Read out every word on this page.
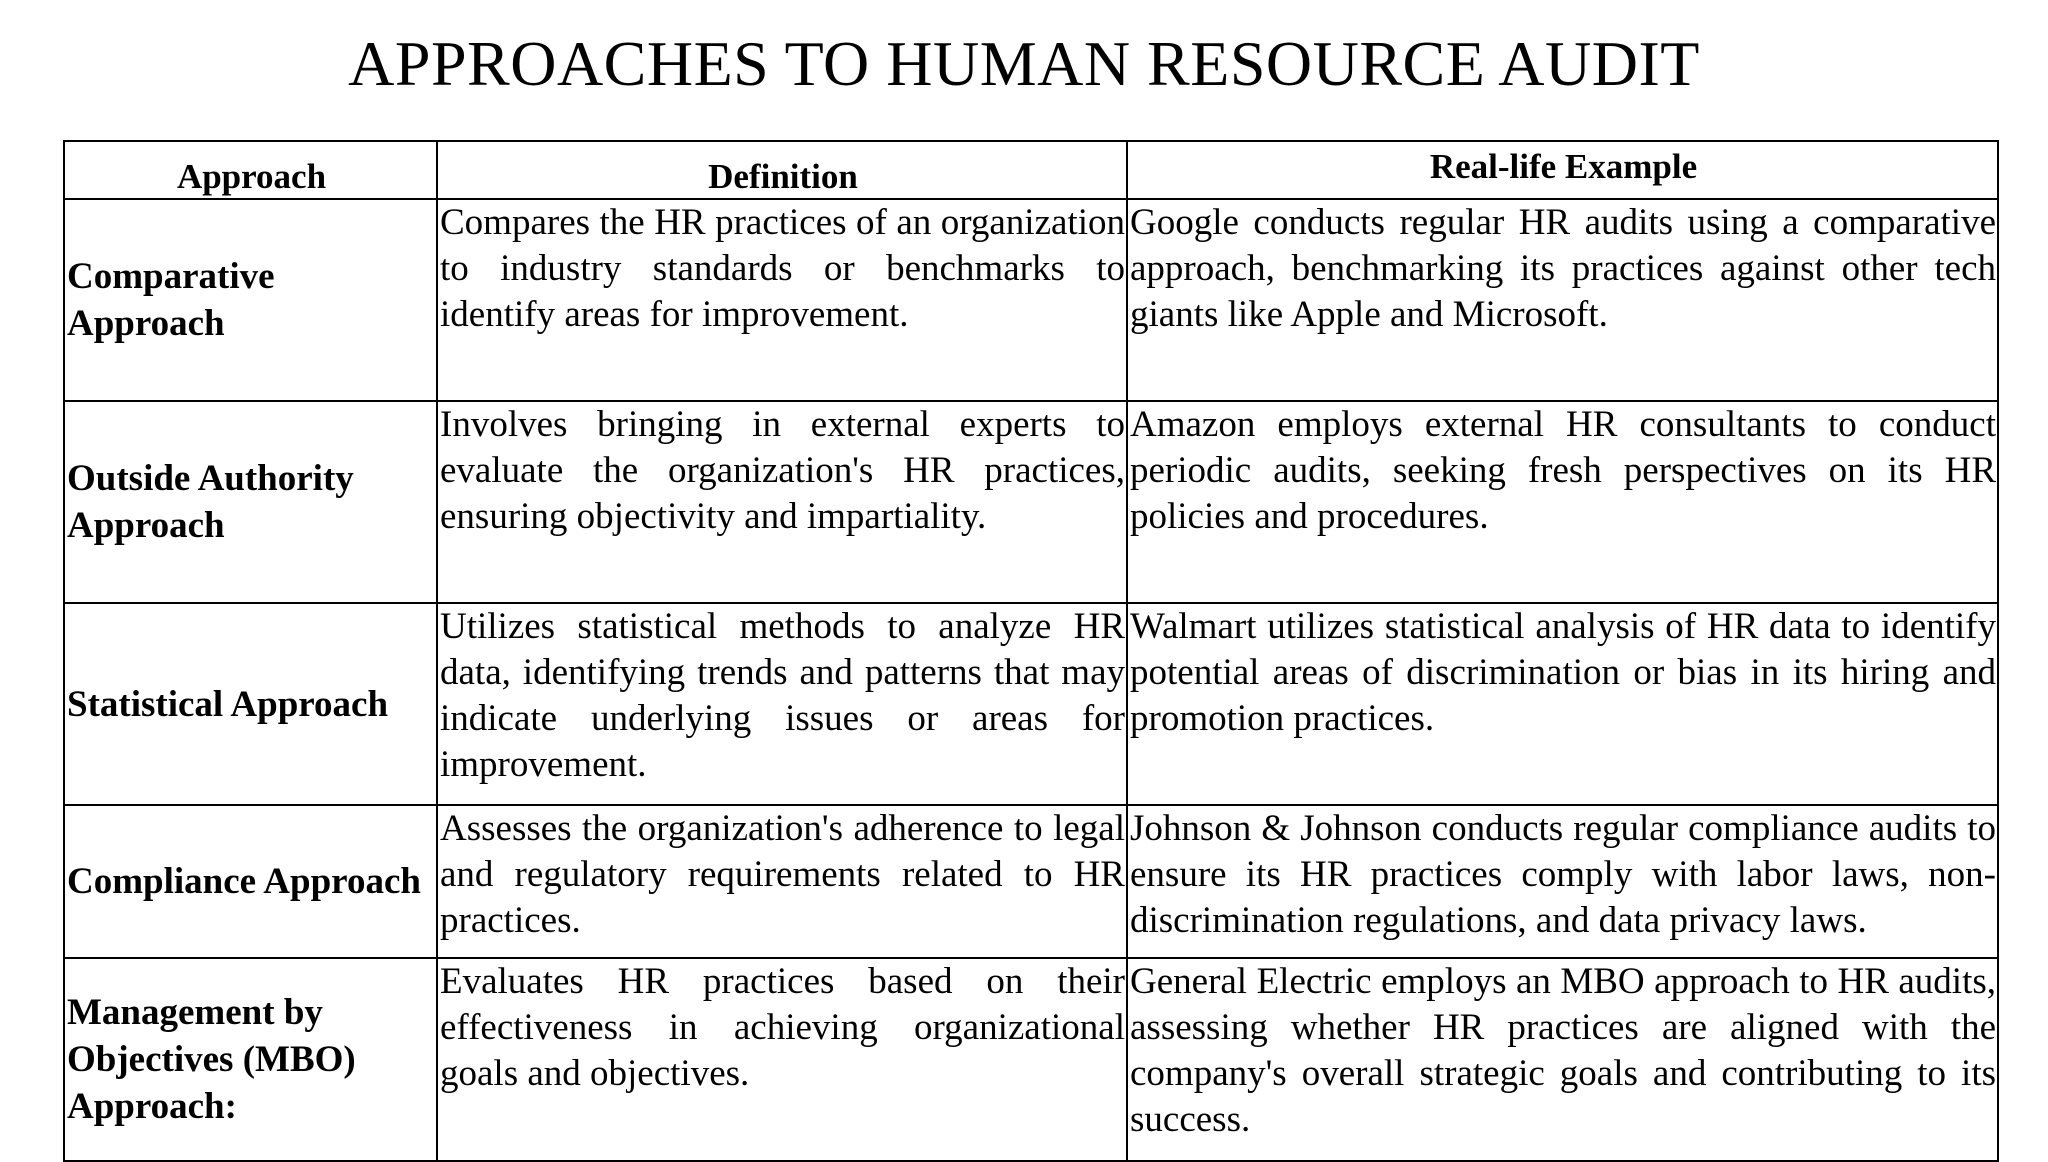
APPROACHES TO HUMAN RESOURCE AUDIT
Approach	Definition	Real-life Example
Comparative Approach	Compares the HR practices of an organization to industry standards or benchmarks to identify areas for improvement.	Google conducts regular HR audits using a comparative approach, benchmarking its practices against other tech giants like Apple and Microsoft.
Outside Authority Approach	Involves bringing in external experts to evaluate the organization's HR practices, ensuring objectivity and impartiality.	Amazon employs external HR consultants to conduct periodic audits, seeking fresh perspectives on its HR policies and procedures.
Statistical Approach	Utilizes statistical methods to analyze HR data, identifying trends and patterns that may indicate underlying issues or areas for improvement.	Walmart utilizes statistical analysis of HR data to identify potential areas of discrimination or bias in its hiring and promotion practices.
Compliance Approach	Assesses the organization's adherence to legal and regulatory requirements related to HR practices.	Johnson & Johnson conducts regular compliance audits to ensure its HR practices comply with labor laws, non-discrimination regulations, and data privacy laws.
Management by Objectives (MBO) Approach:	Evaluates HR practices based on their effectiveness in achieving organizational goals and objectives.	General Electric employs an MBO approach to HR audits, assessing whether HR practices are aligned with the company's overall strategic goals and contributing to its success.
